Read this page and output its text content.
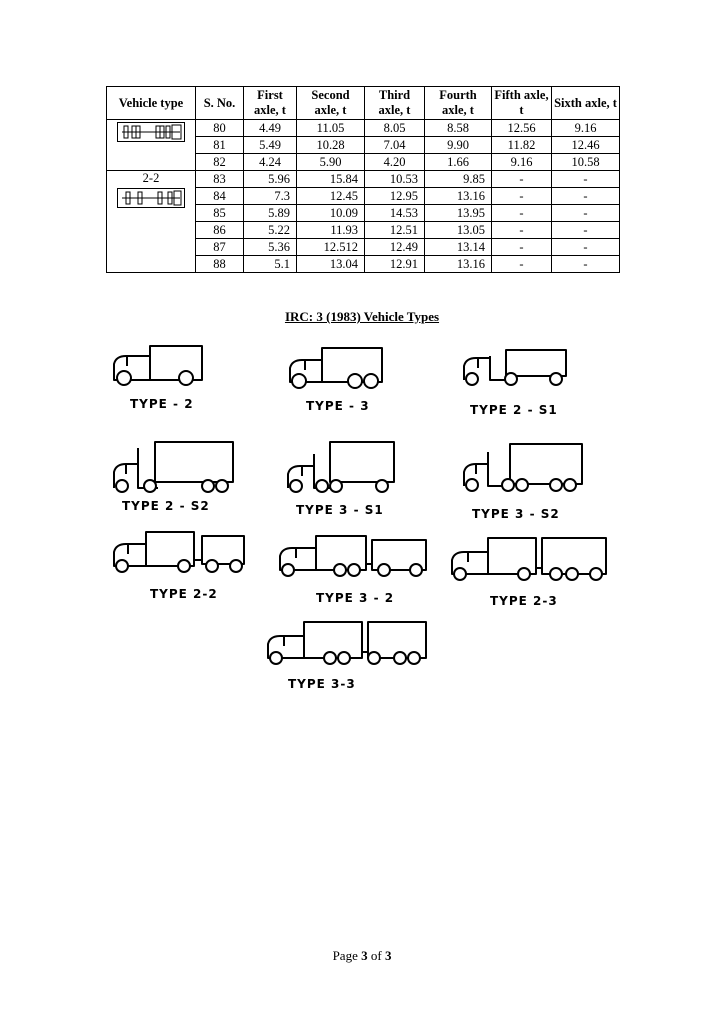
Vehicle type	S. No.	First axle, t	Second axle, t	Third axle, t	Fourth axle, t	Fifth axle, t	Sixth axle, t

	80	4.49	11.05	8.05	8.58	12.56	9.16
	81	5.49	10.28	7.04	9.90	11.82	12.46
	82	4.24	5.90	4.20	1.66	9.16	10.58

2-2	83	5.96	15.84	10.53	9.85	-	-
	84	7.3	12.45	12.95	13.16	-	-
	85	5.89	10.09	14.53	13.95	-	-
	86	5.22	11.93	12.51	13.05	-	-
	87	5.36	12.512	12.49	13.14	-	-
	88	5.1	13.04	12.91	13.16	-	-
IRC: 3 (1983) Vehicle Types
TYPE - 2	TYPE - 3	TYPE 2 - S1
TYPE 2 - S2	TYPE 3 - S1	TYPE 3 - S2
TYPE 2-2	TYPE 3 - 2	TYPE 2-3
TYPE 3-3
Page 3 of 3
